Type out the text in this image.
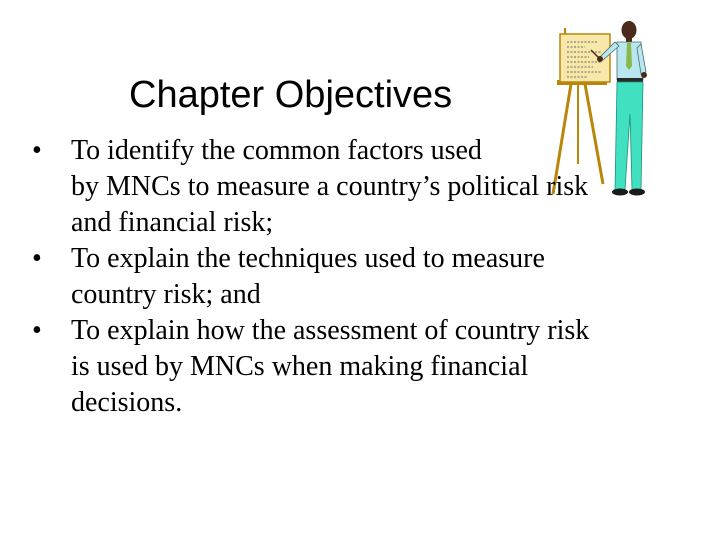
Chapter Objectives
• To identify the common factors used
by MNCs to measure a country’s political risk
and financial risk;
• To explain the techniques used to measure
country risk; and
• To explain how the assessment of country risk
is used by MNCs when making financial
decisions.
